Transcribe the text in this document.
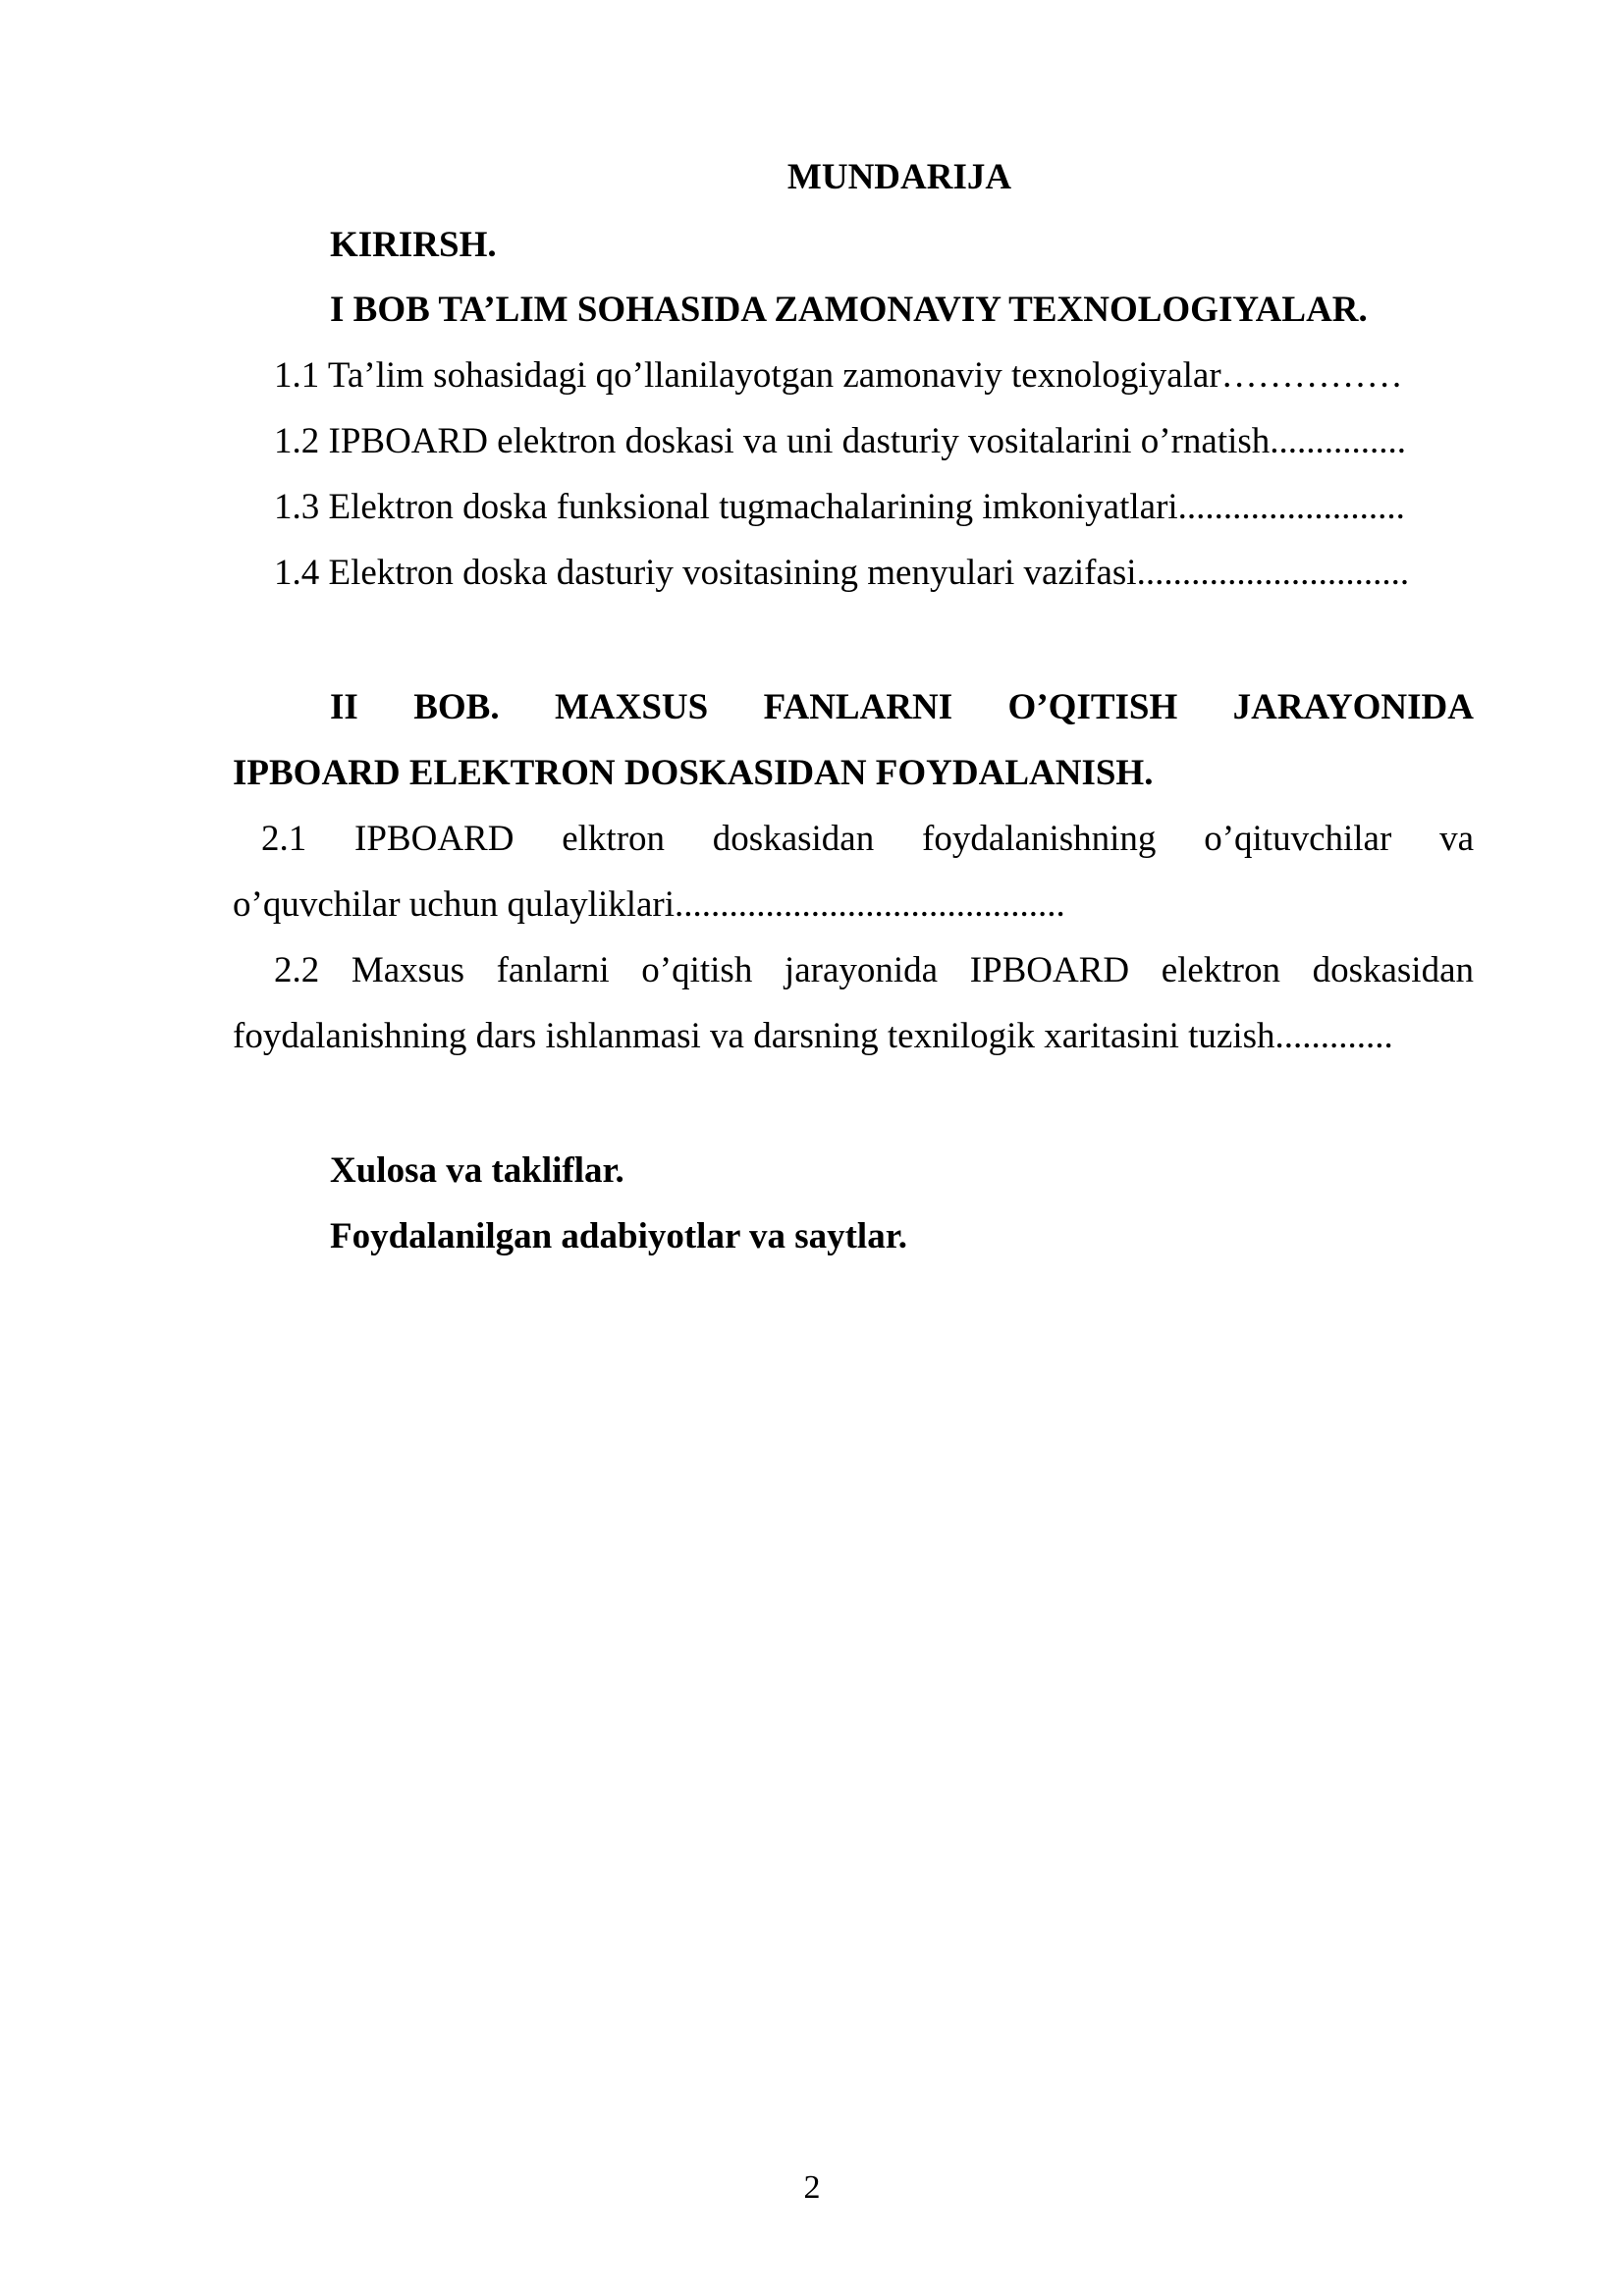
MUNDARIJA
KIRIRSH.
I BOB TA’LIM SOHASIDA ZAMONAVIY TEXNOLOGIYALAR.
1.1 Ta’lim sohasidagi qo’llanilayotgan zamonaviy texnologiyalar……………
1.2 IPBOARD elektron doskasi va uni dasturiy vositalarini o’rnatish...............
1.3 Elektron doska funksional tugmachalarining imkoniyatlari.........................
1.4 Elektron doska dasturiy vositasining menyulari vazifasi..............................
II BOB. MAXSUS FANLARNI O’QITISH JARAYONIDA
IPBOARD ELEKTRON DOSKASIDAN FOYDALANISH.
2.1 IPBOARD elktron doskasidan foydalanishning o’qituvchilar va
o’quvchilar uchun qulayliklari...........................................
2.2 Maxsus fanlarni o’qitish jarayonida IPBOARD elektron doskasidan
foydalanishning dars ishlanmasi va darsning texnilogik xaritasini tuzish.............
Xulosa va takliflar.
Foydalanilgan adabiyotlar va saytlar.
2
